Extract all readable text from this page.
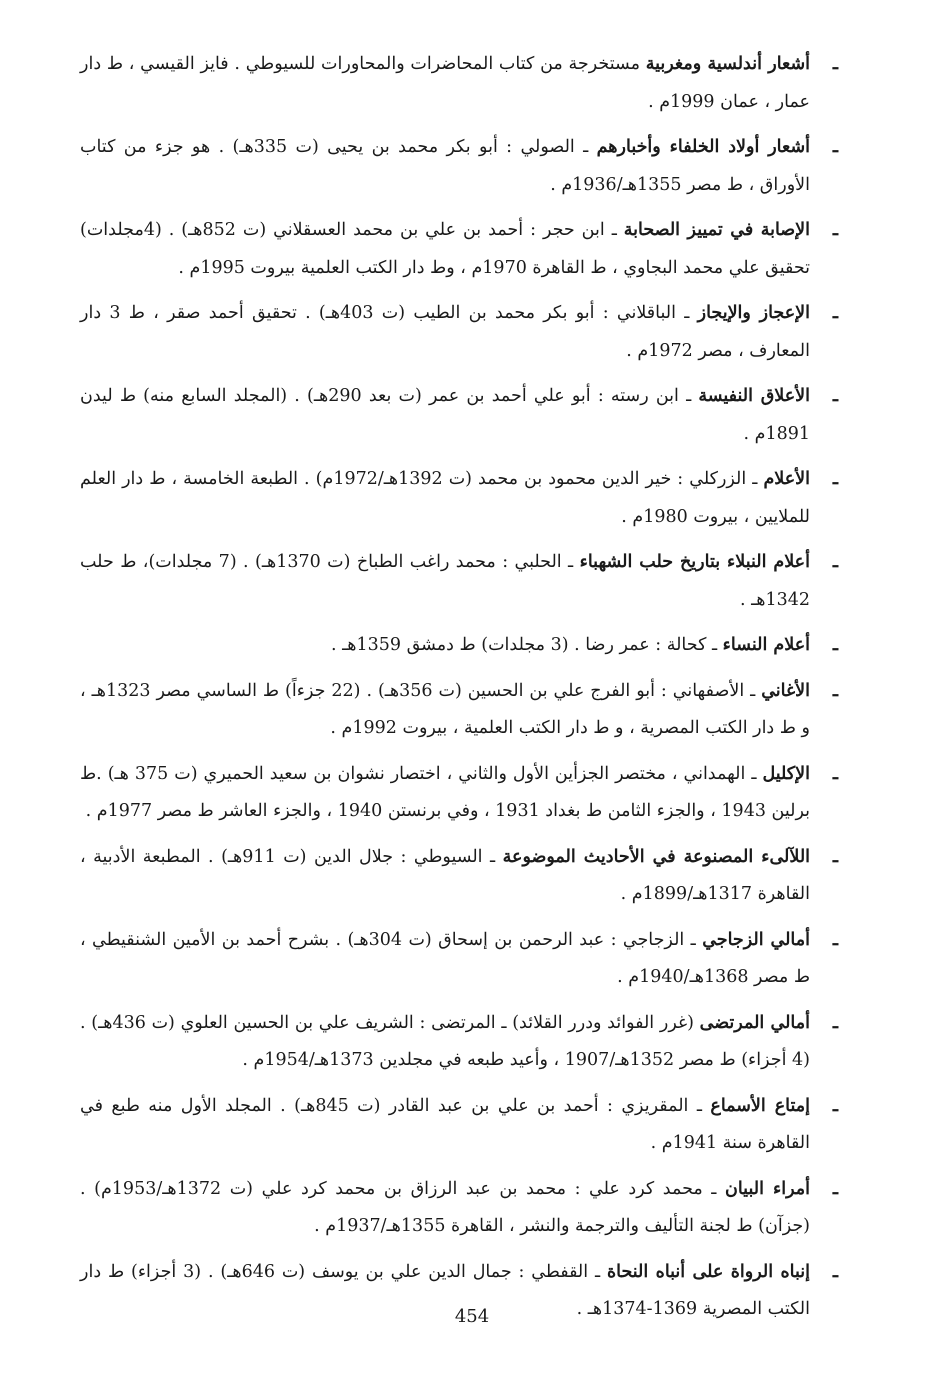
ـ
أشعار أندلسية ومغربية مستخرجة من كتاب المحاضرات والمحاورات للسيوطي . فايز القيسي ، ط دار عمار ، عمان 1999م .
ـ
أشعار أولاد الخلفاء وأخبارهم ـ الصولي : أبو بكر محمد بن يحيى (ت 335هـ) . هو جزء من كتاب الأوراق ، ط مصر 1355هـ/1936م .
ـ
الإصابة في تمييز الصحابة ـ ابن حجر : أحمد بن علي بن محمد العسقلاني (ت 852هـ) . (4مجلدات) تحقيق علي محمد البجاوي ، ط القاهرة 1970م ، وط دار الكتب العلمية بيروت 1995م .
ـ
الإعجاز والإيجاز ـ الباقلاني : أبو بكر محمد بن الطيب (ت 403هـ) . تحقيق أحمد صقر ، ط 3 دار المعارف ، مصر 1972م .
ـ
الأعلاق النفيسة ـ ابن رسته : أبو علي أحمد بن عمر (ت بعد 290هـ) . (المجلد السابع منه) ط ليدن 1891م .
ـ
الأعلام ـ الزركلي : خير الدين محمود بن محمد (ت 1392هـ/1972م) . الطبعة الخامسة ، ط دار العلم للملايين ، بيروت 1980م .
ـ
أعلام النبلاء بتاريخ حلب الشهباء ـ الحلبي : محمد راغب الطباخ (ت 1370هـ) . (7 مجلدات)، ط حلب 1342هـ .
ـ
أعلام النساء ـ كحالة : عمر رضا . (3 مجلدات) ط دمشق 1359هـ .
ـ
الأغاني ـ الأصفهاني : أبو الفرج علي بن الحسين (ت 356هـ) . (22 جزءاً) ط الساسي مصر 1323هـ ، و ط دار الكتب المصرية ، و ط دار الكتب العلمية ، بيروت 1992م .
ـ
الإكليل ـ الهمداني ، مختصر الجزأين الأول والثاني ، اختصار نشوان بن سعيد الحميري (ت 375 هـ) .ط برلين 1943 ، والجزء الثامن ط بغداد 1931 ، وفي برنستن 1940 ، والجزء العاشر ط مصر 1977م .
ـ
اللآلىء المصنوعة في الأحاديث الموضوعة ـ السيوطي : جلال الدين (ت 911هـ) . المطبعة الأدبية ، القاهرة 1317هـ/1899م .
ـ
أمالي الزجاجي ـ الزجاجي : عبد الرحمن بن إسحاق (ت 304هـ) . بشرح أحمد بن الأمين الشنقيطي ، ط مصر 1368هـ/1940م .
ـ
أمالي المرتضى (غرر الفوائد ودرر القلائد) ـ المرتضى : الشريف علي بن الحسين العلوي (ت 436هـ) . (4 أجزاء) ط مصر 1352هـ/1907 ، وأعيد طبعه في مجلدين 1373هـ/1954م .
ـ
إمتاع الأسماع ـ المقريزي : أحمد بن علي بن عبد القادر (ت 845هـ) . المجلد الأول منه طبع في القاهرة سنة 1941م .
ـ
أمراء البيان ـ محمد كرد علي : محمد بن عبد الرزاق بن محمد كرد علي (ت 1372هـ/1953م) . (جزآن) ط لجنة التأليف والترجمة والنشر ، القاهرة 1355هـ/1937م .
ـ
إنباه الرواة على أنباه النحاة ـ القفطي : جمال الدين علي بن يوسف (ت 646هـ) . (3 أجزاء) ط دار الكتب المصرية 1369-1374هـ .
454
